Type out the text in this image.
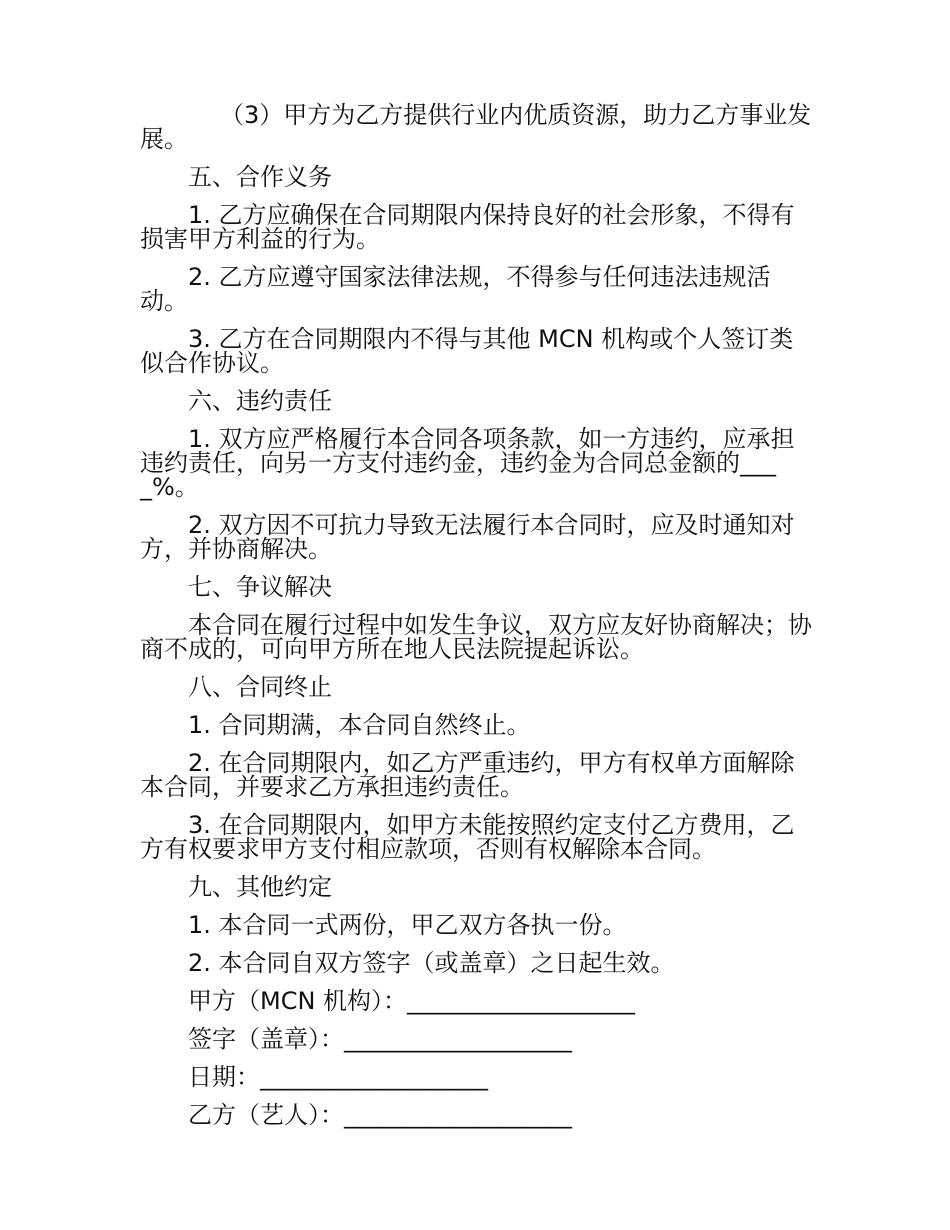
（3）甲方为乙方提供行业内优质资源，助力乙方事业发展。

五、合作义务

1. 乙方应确保在合同期限内保持良好的社会形象，不得有损害甲方利益的行为。

2. 乙方应遵守国家法律法规，不得参与任何违法违规活动。

3. 乙方在合同期限内不得与其他 MCN 机构或个人签订类似合作协议。

六、违约责任

1. 双方应严格履行本合同各项条款，如一方违约，应承担违约责任，向另一方支付违约金，违约金为合同总金额的____%。

2. 双方因不可抗力导致无法履行本合同时，应及时通知对方，并协商解决。

七、争议解决

本合同在履行过程中如发生争议，双方应友好协商解决；协商不成的，可向甲方所在地人民法院提起诉讼。

八、合同终止

1. 合同期满，本合同自然终止。

2. 在合同期限内，如乙方严重违约，甲方有权单方面解除本合同，并要求乙方承担违约责任。

3. 在合同期限内，如甲方未能按照约定支付乙方费用，乙方有权要求甲方支付相应款项，否则有权解除本合同。

九、其他约定

1. 本合同一式两份，甲乙双方各执一份。

2. 本合同自双方签字（或盖章）之日起生效。

甲方（MCN 机构）：___________________
签字（盖章）：___________________
日期：___________________
乙方（艺人）：___________________
